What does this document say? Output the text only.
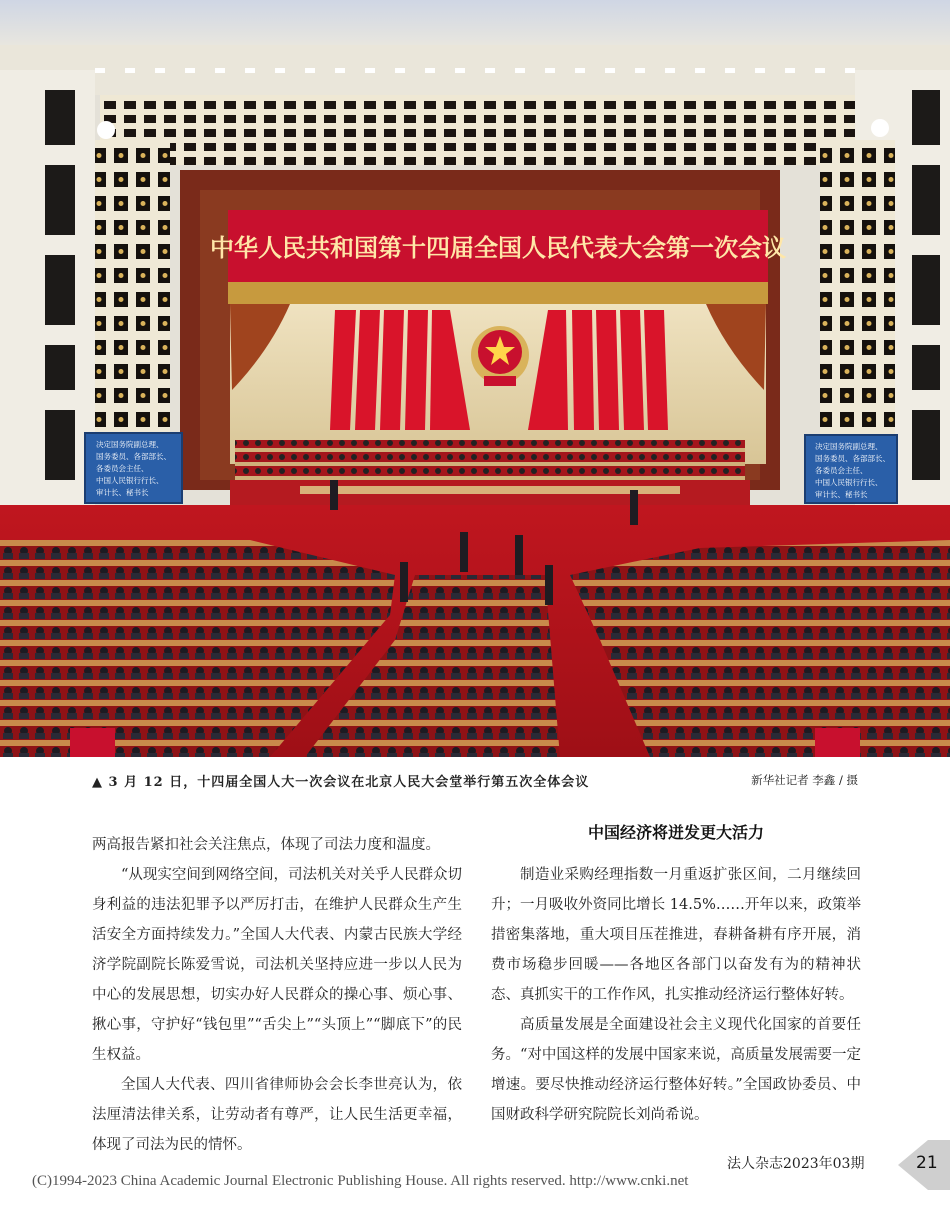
中华人民共和国第十四届全国人民代表大会第一次会议
决定国务院副总理、 国务委员、各部部长、 各委员会主任、 中国人民银行行长、 审计长、秘书长
决定国务院副总理、 国务委员、各部部长、 各委员会主任、 中国人民银行行长、 审计长、秘书长
▲ 3 月 12 日，十四届全国人大一次会议在北京人民大会堂举行第五次全体会议	新华社记者 李鑫 / 摄

两高报告紧扣社会关注焦点，体现了司法力度和温度。

“从现实空间到网络空间，司法机关对关乎人民群众切身利益的违法犯罪予以严厉打击，在维护人民群众生产生活安全方面持续发力。”全国人大代表、内蒙古民族大学经济学院副院长陈爱雪说，司法机关坚持应进一步以人民为中心的发展思想，切实办好人民群众的操心事、烦心事、揪心事，守护好“钱包里”“舌尖上”“头顶上”“脚底下”的民生权益。

全国人大代表、四川省律师协会会长李世亮认为，依法厘清法律关系，让劳动者有尊严，让人民生活更幸福，体现了司法为民的情怀。

中国经济将迸发更大活力

制造业采购经理指数一月重返扩张区间，二月继续回升；一月吸收外资同比增长 14.5%……开年以来，政策举措密集落地，重大项目压茬推进，春耕备耕有序开展，消费市场稳步回暖——各地区各部门以奋发有为的精神状态、真抓实干的工作作风，扎实推动经济运行整体好转。

高质量发展是全面建设社会主义现代化国家的首要任务。“对中国这样的发展中国家来说，高质量发展需要一定增速。要尽快推动经济运行整体好转。”全国政协委员、中国财政科学研究院院长刘尚希说。

法人杂志2023年03期	21
(C)1994-2023 China Academic Journal Electronic Publishing House. All rights reserved. http://www.cnki.net
